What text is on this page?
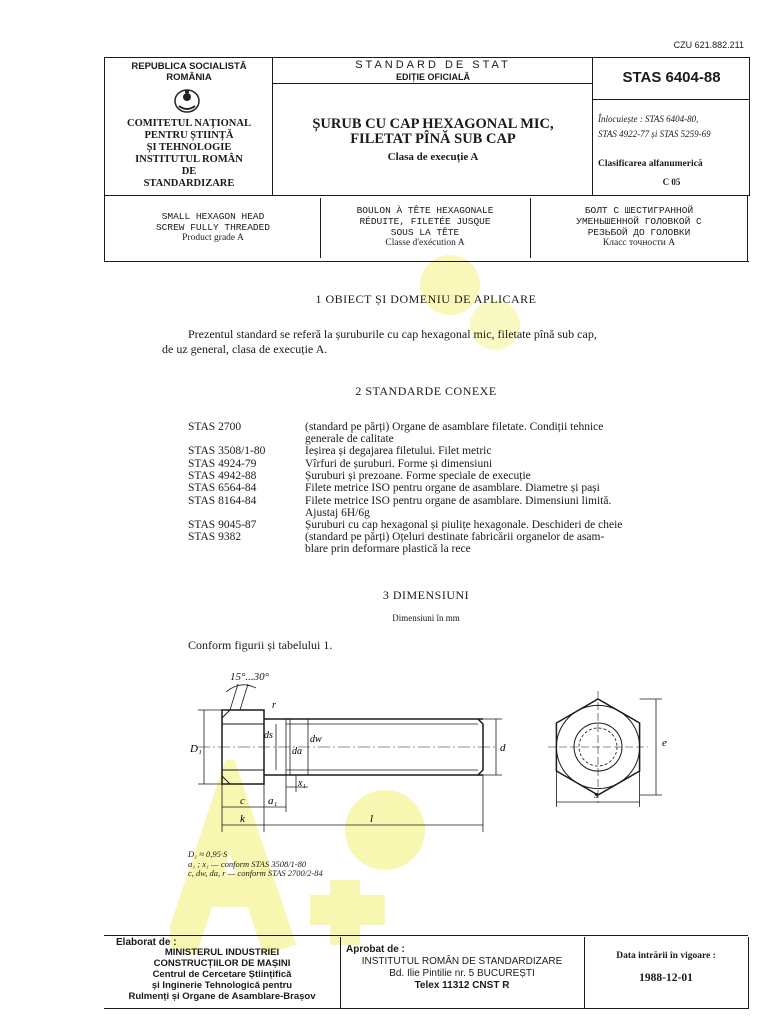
CZU 621.882.211
REPUBLICA SOCIALISTĂ
ROMÂNIA
COMITETUL NAȚIONAL
PENTRU ȘTIINȚĂ
ȘI TEHNOLOGIE
INSTITUTUL ROMÂN
DE
STANDARDIZARE
STANDARD DE STAT
EDIȚIE OFICIALĂ
ȘURUB CU CAP HEXAGONAL MIC,
FILETAT PÎNĂ SUB CAP
Clasa de execuție A
STAS 6404-88
Înlocuiește : STAS 6404-80,
STAS 4922-77 și STAS 5259-69
Clasificarea alfanumerică
C 05
SMALL HEXAGON HEAD
SCREW FULLY THREADED
Product grade A
BOULON À TÊTE HEXAGONALE
RÉDUITE, FILETÉE JUSQUE
SOUS LA TÊTE
Classe d'exécution A
БОЛТ С ШЕСТИГРАННОЙ
УМЕНЬШЕННОЙ ГОЛОВКОЙ С
РЕЗЬБОЙ ДО ГОЛОВКИ
Класс точности А
1 OBIECT ȘI DOMENIU DE APLICARE
Prezentul standard se referă la șuruburile cu cap hexagonal mic, filetate pînă sub cap,
de uz general, clasa de execuție A.
2 STANDARDE CONEXE
STAS 2700	(standard pe părți) Organe de asamblare filetate. Condiții tehnice
generale de calitate
STAS 3508/1-80	Ieșirea și degajarea filetului. Filet metric
STAS 4924-79	Vîrfuri de șuruburi. Forme și dimensiuni
STAS 4942-88	Șuruburi și prezoane. Forme speciale de execuție
STAS 6564-84	Filete metrice ISO pentru organe de asamblare. Diametre și pași
STAS 8164-84	Filete metrice ISO pentru organe de asamblare. Dimensiuni limită.
Ajustaj 6H/6g
STAS 9045-87	Șuruburi cu cap hexagonal și piulițe hexagonale. Deschideri de cheie
STAS 9382	(standard pe părți) Oțeluri destinate fabricării organelor de asam-
blare prin deformare plastică la rece
3 DIMENSIUNI
Dimensiuni în mm
Conform figurii și tabelului 1.
15°...30°
D₁
ds
da
dw
d
r
c a₁
x₁
k	l
e
s
D₁ ≈ 0,95·S
a₁ ; x₁ — conform STAS 3508/1-80
c, dw, da, r — conform STAS 2700/2-84
Elaborat de :
MINISTERUL INDUSTRIEI
CONSTRUCȚIILOR DE MAȘINI
Centrul de Cercetare Științifică
și Inginerie Tehnologică pentru
Rulmenți și Organe de Asamblare-Brașov
Aprobat de :
INSTITUTUL ROMÂN DE STANDARDIZARE
Bd. Ilie Pintilie nr. 5 BUCUREȘTI
Telex 11312 CNST R
Data intrării în vigoare :
1988-12-01
